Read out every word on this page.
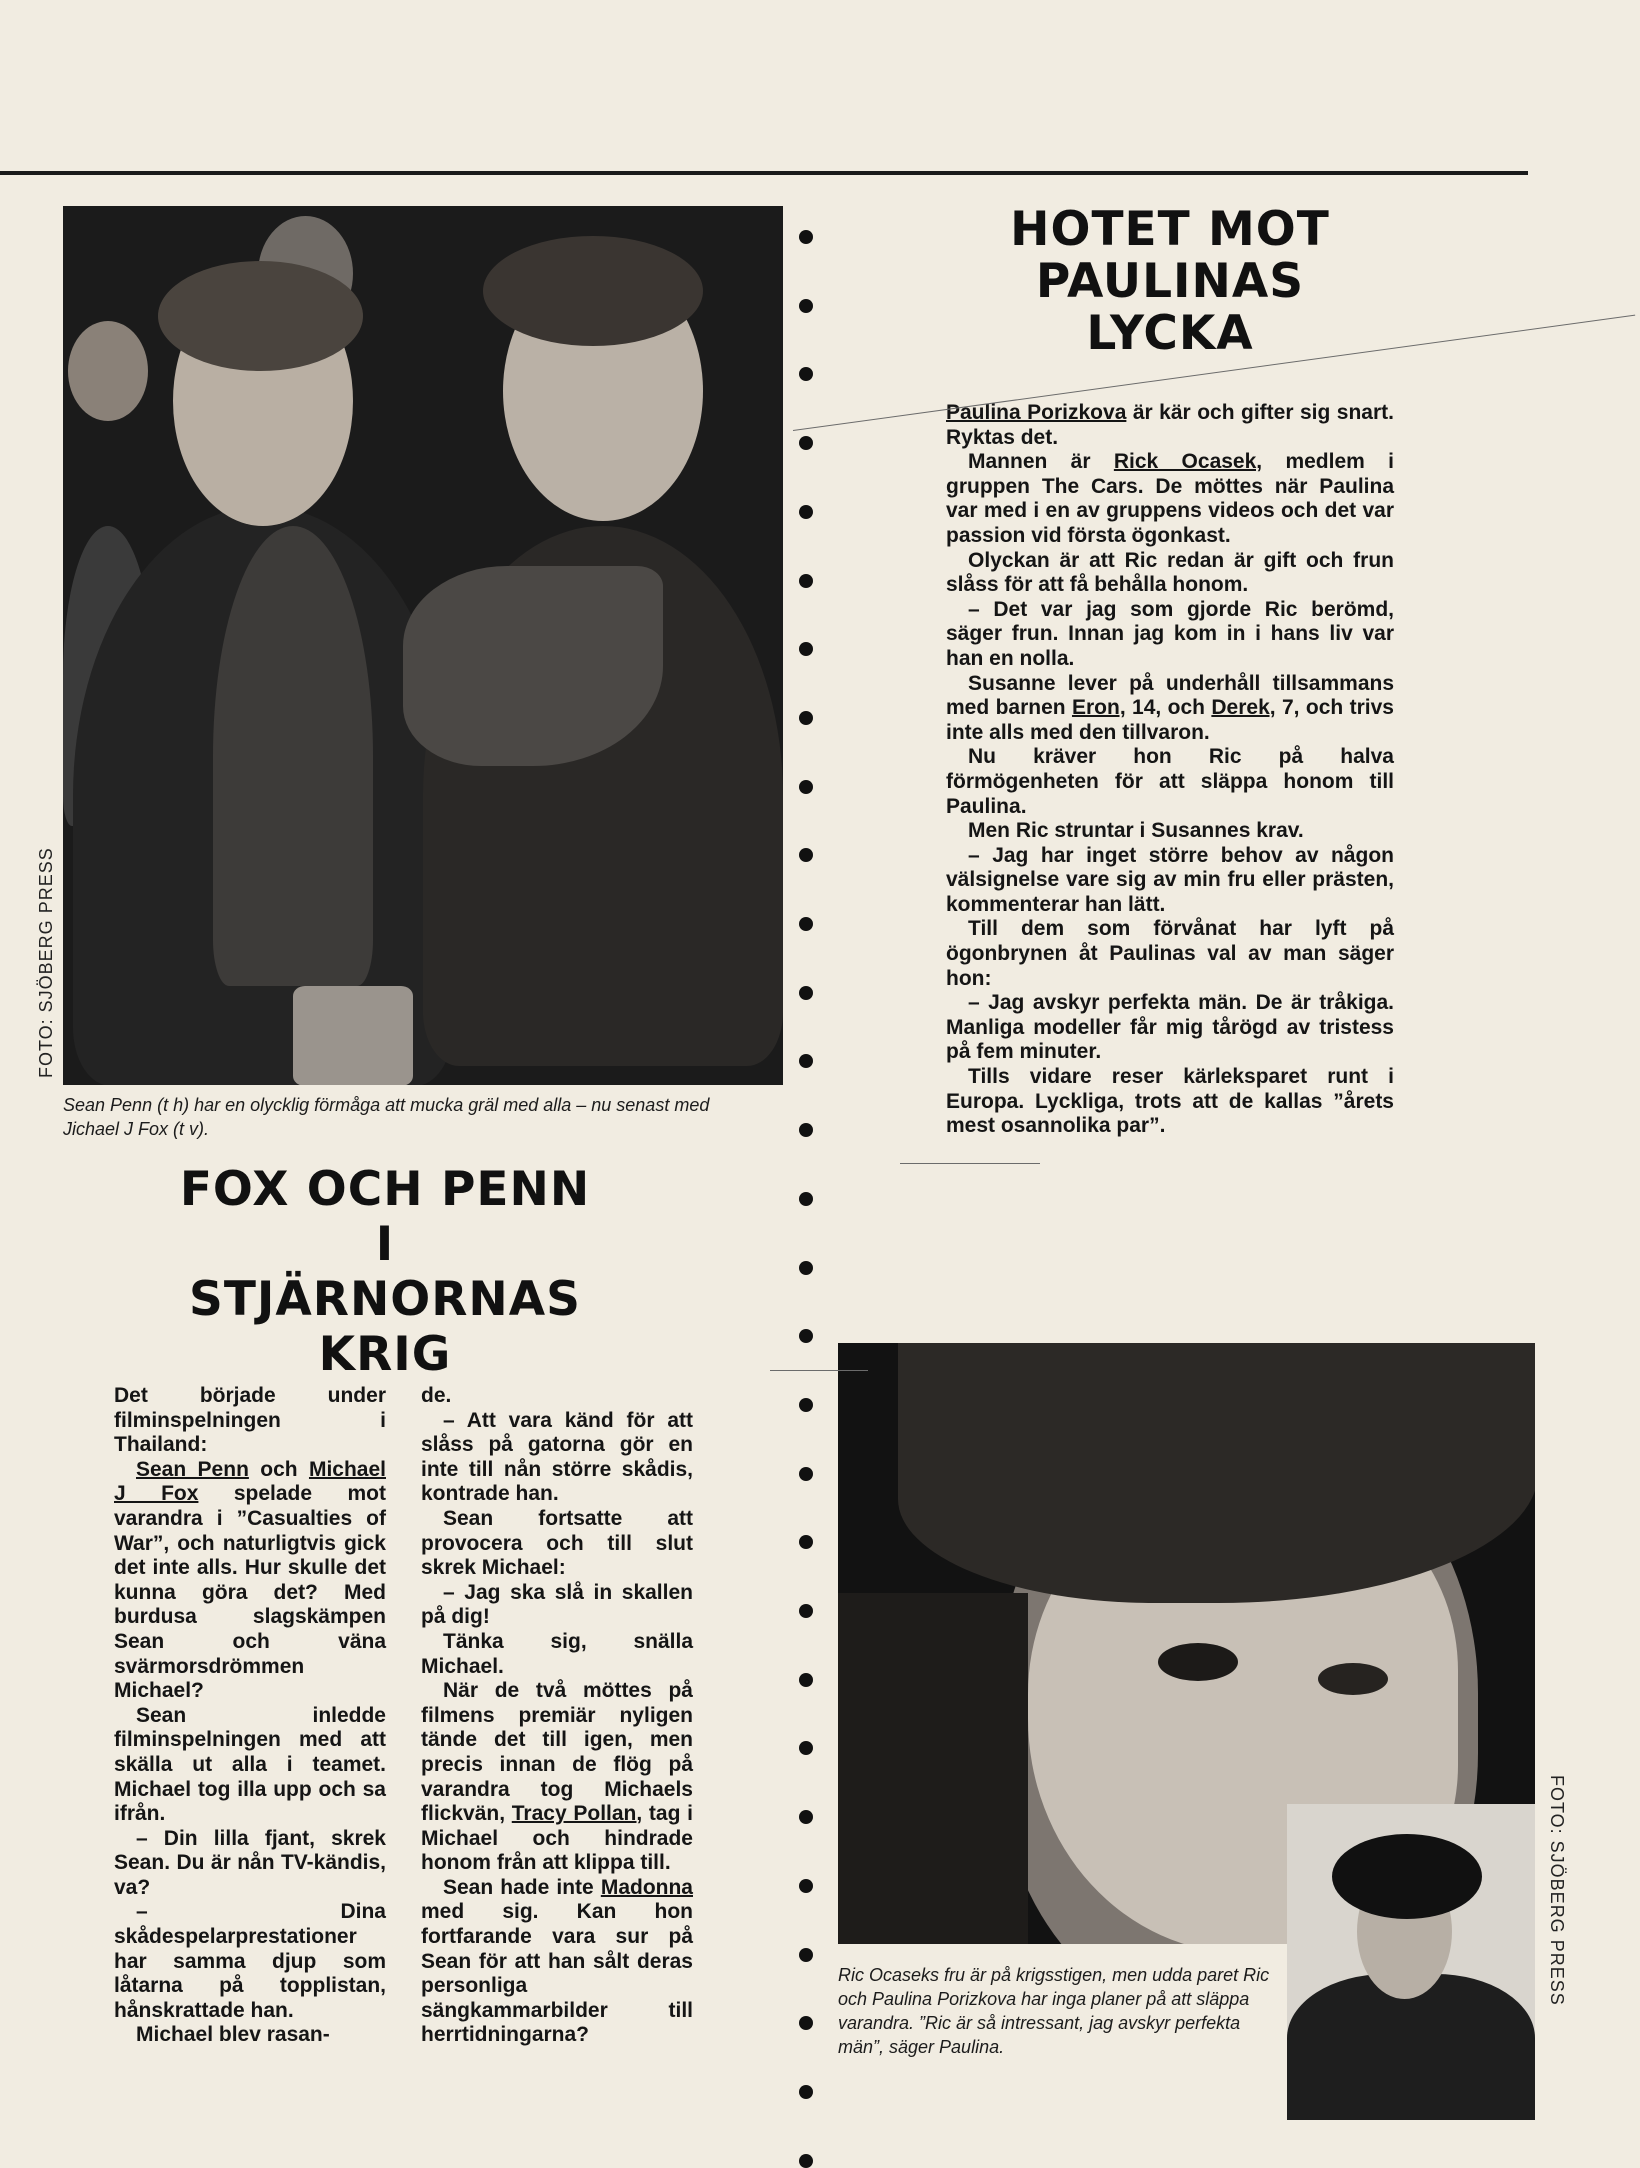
FOTO: SJÖBERG PRESS
Sean Penn (t h) har en olycklig förmåga att mucka gräl med alla – nu senast med Jichael J Fox (t v).
HOTET MOT
PAULINAS
LYCKA

Paulina Porizkova är kär och gifter sig snart. Ryktas det.

Mannen är Rick Ocasek, medlem i gruppen The Cars. De möttes när Paulina var med i en av gruppens videos och det var passion vid första ögonkast.

Olyckan är att Ric redan är gift och frun slåss för att få behålla honom.

– Det var jag som gjorde Ric berömd, säger frun. Innan jag kom in i hans liv var han en nolla.

Susanne lever på underhåll tillsammans med barnen Eron, 14, och Derek, 7, och trivs inte alls med den tillvaron.

Nu kräver hon Ric på halva förmögenheten för att släppa honom till Paulina.

Men Ric struntar i Susannes krav.

– Jag har inget större behov av någon välsignelse vare sig av min fru eller prästen, kommenterar han lätt.

Till dem som förvånat har lyft på ögonbrynen åt Paulinas val av man säger hon:

– Jag avskyr perfekta män. De är tråkiga. Manliga modeller får mig tårögd av tristess på fem minuter.

Tills vidare reser kärleksparet runt i Europa. Lyckliga, trots att de kallas ”årets mest osannolika par”.

FOX OCH PENN
I
STJÄRNORNAS
KRIG

Det började under filminspelningen i Thailand:

Sean Penn och Michael J Fox spelade mot varandra i ”Casualties of War”, och naturligtvis gick det inte alls. Hur skulle det kunna göra det? Med burdusa slagskämpen Sean och väna svärmorsdrömmen Michael?

Sean inledde filminspelningen med att skälla ut alla i teamet. Michael tog illa upp och sa ifrån.

– Din lilla fjant, skrek Sean. Du är nån TV-kändis, va?

– Dina skådespelarprestationer har samma djup som låtarna på topplistan, hånskrattade han.

Michael blev rasan-

de.

– Att vara känd för att slåss på gatorna gör en inte till nån större skådis, kontrade han.

Sean fortsatte att provocera och till slut skrek Michael:

– Jag ska slå in skallen på dig!

Tänka sig, snälla Michael.

När de två möttes på filmens premiär nyligen tände det till igen, men precis innan de flög på varandra tog Michaels flickvän, Tracy Pollan, tag i Michael och hindrade honom från att klippa till.

Sean hade inte Madonna med sig. Kan hon fortfarande vara sur på Sean för att han sålt deras personliga sängkammarbilder till herrtidningarna?

FOTO: SJÖBERG PRESS
Ric Ocaseks fru är på krigsstigen, men udda paret Ric och Paulina Porizkova har inga planer på att släppa varandra. ”Ric är så intressant, jag avskyr perfekta män”, säger Paulina.
